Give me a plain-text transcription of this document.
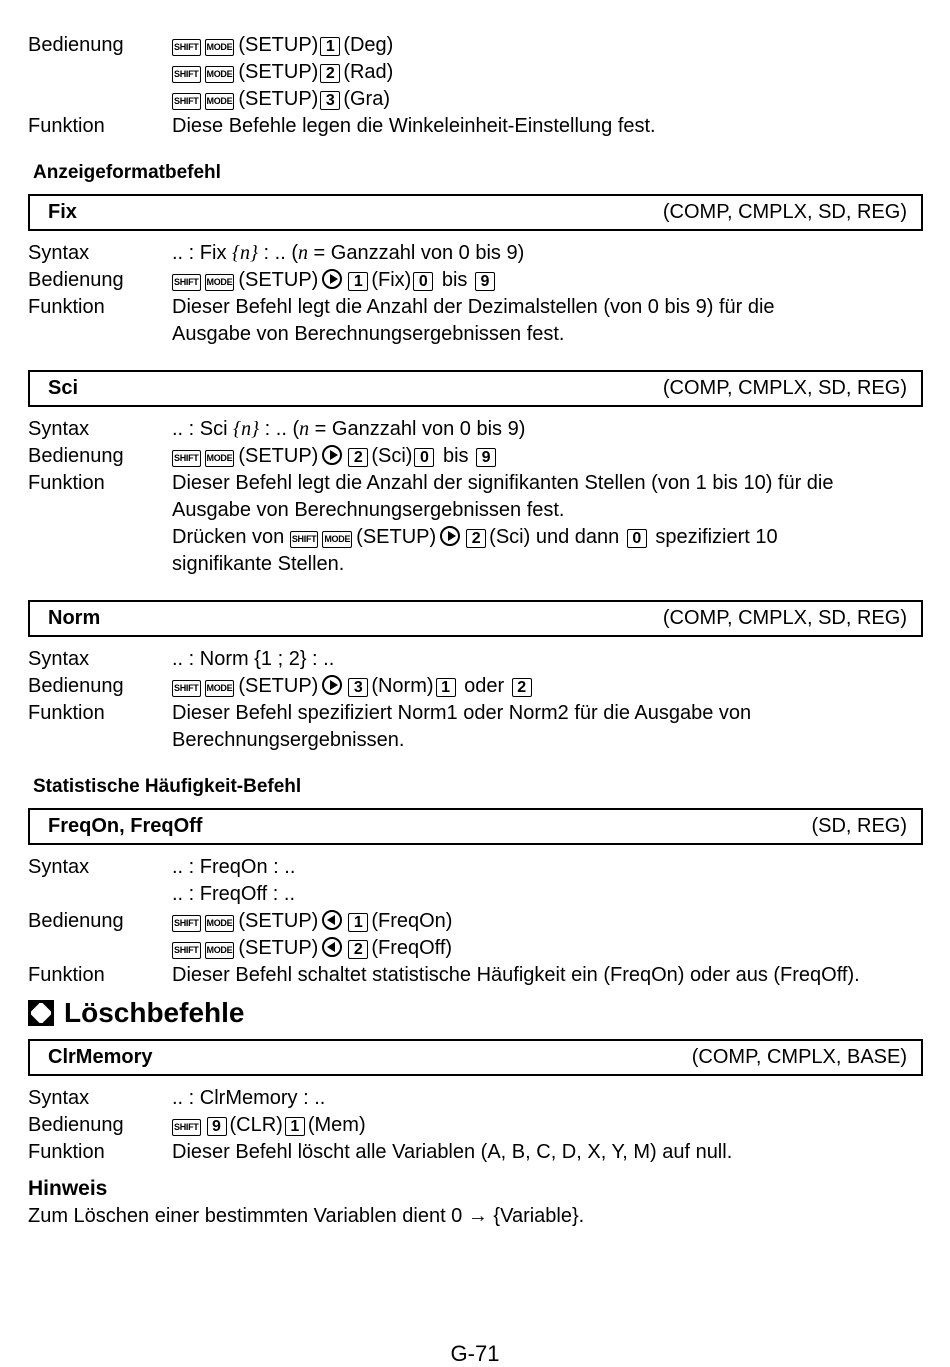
Bedienung	SHIFT MODE (SETUP) 1 (Deg)
SHIFT MODE (SETUP) 2 (Rad)
SHIFT MODE (SETUP) 3 (Gra)
Funktion	Diese Befehle legen die Winkeleinheit-Einstellung fest.
Anzeigeformatbefehl
Fix	(COMP, CMPLX, SD, REG)
Syntax	.. : Fix {n} : .. (n = Ganzzahl von 0 bis 9)
Bedienung	SHIFT MODE (SETUP) 1 (Fix) 0 bis 9
Funktion	Dieser Befehl legt die Anzahl der Dezimalstellen (von 0 bis 9) für die
Ausgabe von Berechnungsergebnissen fest.
Sci	(COMP, CMPLX, SD, REG)
Syntax	.. : Sci {n} : .. (n = Ganzzahl von 0 bis 9)
Bedienung	SHIFT MODE (SETUP) 2 (Sci) 0 bis 9
Funktion	Dieser Befehl legt die Anzahl der signifikanten Stellen (von 1 bis 10) für die
Ausgabe von Berechnungsergebnissen fest.
Drücken von SHIFT MODE (SETUP) 2 (Sci) und dann 0 spezifiziert 10
signifikante Stellen.
Norm	(COMP, CMPLX, SD, REG)
Syntax	.. : Norm {1 ; 2} : ..
Bedienung	SHIFT MODE (SETUP) 3 (Norm) 1 oder 2
Funktion	Dieser Befehl spezifiziert Norm1 oder Norm2 für die Ausgabe von
Berechnungsergebnissen.
Statistische Häufigkeit-Befehl
FreqOn, FreqOff	(SD, REG)
Syntax	.. : FreqOn : ..
.. : FreqOff : ..
Bedienung	SHIFT MODE (SETUP) 1 (FreqOn)
SHIFT MODE (SETUP) 2 (FreqOff)
Funktion	Dieser Befehl schaltet statistische Häufigkeit ein (FreqOn) oder aus (FreqOff).
Löschbefehle
ClrMemory	(COMP, CMPLX, BASE)
Syntax	.. : ClrMemory : ..
Bedienung	SHIFT 9 (CLR) 1 (Mem)
Funktion	Dieser Befehl löscht alle Variablen (A, B, C, D, X, Y, M) auf null.
Hinweis
Zum Löschen einer bestimmten Variablen dient 0 → {Variable}.
G-71
